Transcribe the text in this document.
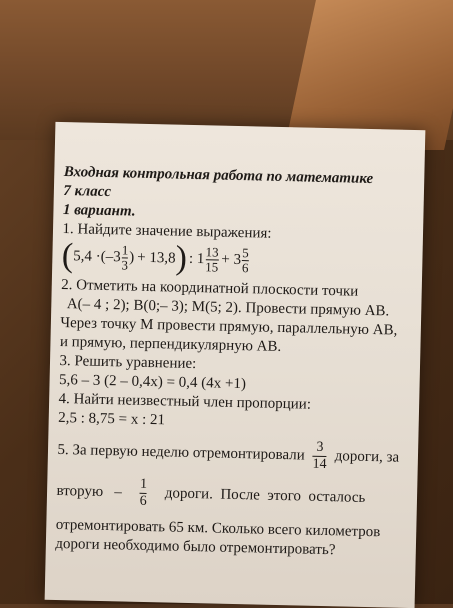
Входная контрольная работа по математике
7 класс
1 вариант.
1. Найдите значение выражения:
( $5,4 \cdot (-3 \frac{1}{3}$ ) + 13,8 ) : $1 \frac{13}{15} + 3 \frac{5}{6}$
2. Отметить на координатной плоскости точки
A(– 4 ; 2); B(0;– 3); M(5; 2). Провести прямую AB.
Через точку M провести прямую, параллельную AB,
и прямую, перпендикулярную AB.
3. Решить уравнение:
5,6 – 3 (2 – 0,4x) = 0,4 (4x +1)
4. Найти неизвестный член пропорции:
2,5 : 8,75 = x : 21
5. За первую неделю отремонтировали $\frac{3}{14}$ дороги, за
вторую   – $\frac{1}{6}$ дороги.  После  этого  осталось
отремонтировать 65 км. Сколько всего километров
дороги необходимо было отремонтировать?
